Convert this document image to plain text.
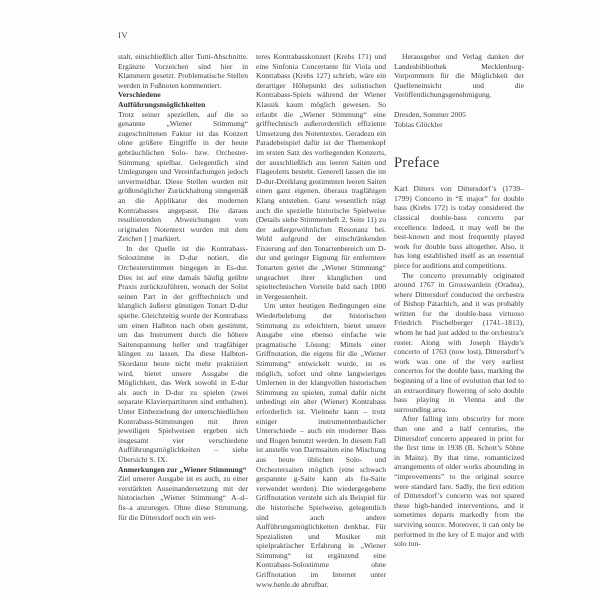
IV

stalt, einschließlich aller Tutti-Abschnitte. Ergänzte Vorzeichen sind hier in Klammern gesetzt. Problematische Stellen werden in Fußnoten kommentiert.

Verschiedene Aufführungsmöglichkeiten

Trotz seiner speziellen, auf die so genannte „Wiener Stimmung“ zugeschnittenen Faktur ist das Konzert ohne größere Eingriffe in der heute gebräuchlichen Solo- bzw. Orchester-Stimmung spielbar. Gelegentlich sind Umlegungen und Vereinfachungen jedoch unvermeidbar. Diese Stellen wurden mit größtmöglicher Zurückhaltung sinngemäß an die Applikatur des modernen Kontrabasses angepasst. Die daraus resultierenden Abweichungen vom originalen Notentext wurden mit dem Zeichen [ ] markiert.

In der Quelle ist die Kontrabass-Solostimme in D-dur notiert, die Orchesterstimmen hingegen in Es-dur. Dies ist auf eine damals häufig geübte Praxis zurückzuführen, wonach der Solist seinen Part in der grifftechnisch und klanglich äußerst günstigen Tonart D-dur spielte. Gleichzeitig wurde der Kontrabass um einen Halbton nach oben gestimmt, um das Instrument durch die höhere Saitenspannung heller und tragfähiger klingen zu lassen. Da diese Halbton-Skordatur heute nicht mehr praktiziert wird, bietet unsere Ausgabe die Möglichkeit, das Werk sowohl in E-dur als auch in D-dur zu spielen (zwei separate Klavierpartituren sind enthalten). Unter Einbeziehung der unterschiedlichen Kontrabass-Stimmungen mit ihren jeweiligen Spielweisen ergeben sich insgesamt vier verschiedene Aufführungsmöglichkeiten – siehe Übersicht S. IX.

Anmerkungen zur „Wiener Stimmung“

Ziel unserer Ausgabe ist es auch, zu einer verstärkten Auseinandersetzung mit der historischen „Wiener Stimmung“ A–d–fis–a anzuregen. Ohne diese Stimmung, für die Dittersdorf noch ein wei-

teres Kontrabasskonzert (Krebs 171) und eine Sinfonia Concertante für Viola und Kontrabass (Krebs 127) schrieb, wäre ein derartiger Höhepunkt des solistischen Kontrabass-Spiels während der Wiener Klassik kaum möglich gewesen. So erlaubt die „Wiener Stimmung“ eine grifftechnisch außerordentlich effiziente Umsetzung des Notentextes. Geradezu ein Paradebeispiel dafür ist der Themenkopf im ersten Satz des vorliegenden Konzerts, der ausschließlich aus leeren Saiten und Flageoletts besteht. Generell lassen die im D-dur-Dreiklang gestimmten leeren Saiten einen ganz eigenen, überaus tragfähigen Klang entstehen. Ganz wesentlich trägt auch die spezielle historische Spielweise (Details siehe Stimmenheft 2, Seite 11) zu der außergewöhnlichen Resonanz bei. Wohl aufgrund der einschränkenden Fixierung auf den Tonartenbereich um D-dur und geringer Eignung für entferntere Tonarten geriet die „Wiener Stimmung“ ungeachtet ihrer klanglichen und spieltechnischen Vorteile bald nach 1800 in Vergessenheit.

Um unter heutigen Bedingungen eine Wiederbelebung der historischen Stimmung zu erleichtern, bietet unsere Ausgabe eine ebenso einfache wie pragmatische Lösung: Mittels einer Griffnotation, die eigens für die „Wiener Stimmung“ entwickelt wurde, ist es möglich, sofort und ohne langwieriges Umlernen in der klangvollen historischen Stimmung zu spielen, zumal dafür nicht unbedingt ein alter (Wiener) Kontrabass erforderlich ist. Vielmehr kann – trotz einiger instrumentenbaulicher Unterschiede – auch ein moderner Bass und Bogen benutzt werden. In diesem Fall ist anstelle von Darmsaiten eine Mischung aus heute üblichen Solo- und Orchestersaiten möglich (eine schwach gespannte g-Saite kann als fis-Saite verwendet werden). Die wiedergegebene Griffnotation versteht sich als Beispiel für die historische Spielweise, gelegentlich sind auch andere Aufführungsmöglichkeiten denkbar. Für Spezialisten und Musiker mit spielpraktischer Erfahrung in „Wiener Stimmung“ ist ergänzend eine Kontrabass-Solostimme ohne Griffnotation im Internet unter www.henle.de abrufbar.

Herausgeber und Verlag danken der Landesbibliothek Mecklenburg-Vorpommern für die Möglichkeit der Quelleneinsicht und die Veröffentlichungsgenehmigung.

Dresden, Sommer 2005

Tobias Glöckler

Preface

Karl Ditters von Dittersdorf’s (1739–1799) Concerto in “E major” for double bass (Krebs 172) is today considered the classical double-bass concerto par excellence. Indeed, it may well be the best-known and most frequently played work for double bass altogether. Also, it has long established itself as an essential piece for auditions and competitions.

The concerto presumably originated around 1767 in Grosswardein (Oradea), where Dittersdorf conducted the orchestra of Bishop Patachich, and it was probably written for the double-bass virtuoso Friedrich Pischelberger (1741–1813), whom he had just added to the orchestra’s roster. Along with Joseph Haydn’s concerto of 1763 (now lost), Dittersdorf’s work was one of the very earliest concertos for the double bass, marking the beginning of a line of evolution that led to an extraordinary flowering of solo double bass playing in Vienna and the surrounding area.

After falling into obscurity for more than one and a half centuries, the Dittersdorf concerto appeared in print for the first time in 1938 (B. Schott’s Söhne in Mainz). By that time, romanticized arrangements of older works abounding in “improvements” to the original source were standard fare. Sadly, the first edition of Dittersdorf’s concerto was not spared these high-handed interventions, and it sometimes departs markedly from the surviving source. Moreover, it can only be performed in the key of E major and with solo tun-
